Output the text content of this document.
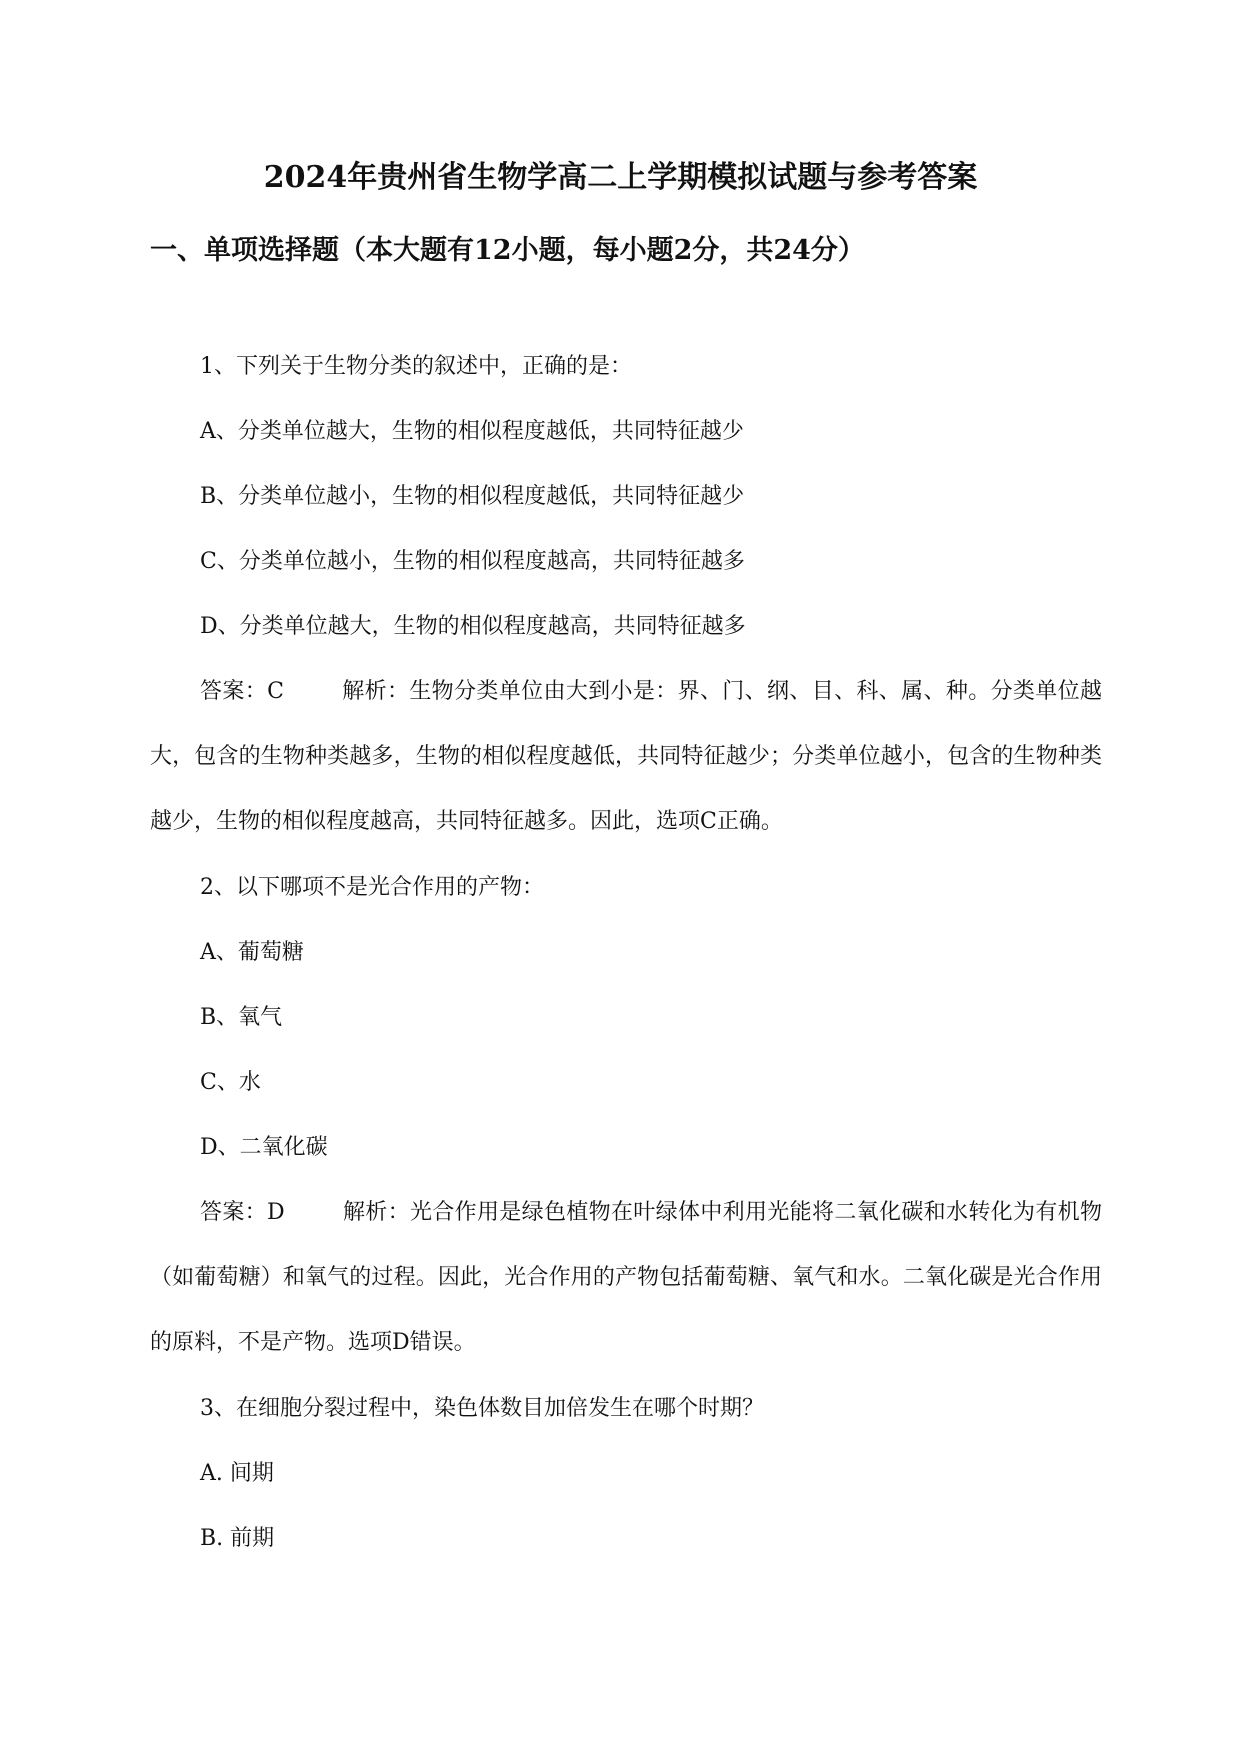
2024年贵州省生物学高二上学期模拟试题与参考答案
一、单项选择题（本大题有12小题，每小题2分，共24分）

1、下列关于生物分类的叙述中，正确的是：

A、分类单位越大，生物的相似程度越低，共同特征越少

B、分类单位越小，生物的相似程度越低，共同特征越少

C、分类单位越小，生物的相似程度越高，共同特征越多

D、分类单位越大，生物的相似程度越高，共同特征越多

答案：C	解析：生物分类单位由大到小是：界、门、纲、目、科、属、种。分类单位越大，包含的生物种类越多，生物的相似程度越低，共同特征越少；分类单位越小，包含的生物种类越少，生物的相似程度越高，共同特征越多。因此，选项C正确。

2、以下哪项不是光合作用的产物：

A、葡萄糖

B、氧气

C、水

D、二氧化碳

答案：D	解析：光合作用是绿色植物在叶绿体中利用光能将二氧化碳和水转化为有机物（如葡萄糖）和氧气的过程。因此，光合作用的产物包括葡萄糖、氧气和水。二氧化碳是光合作用的原料，不是产物。选项D错误。

3、在细胞分裂过程中，染色体数目加倍发生在哪个时期？

A. 间期

B. 前期
